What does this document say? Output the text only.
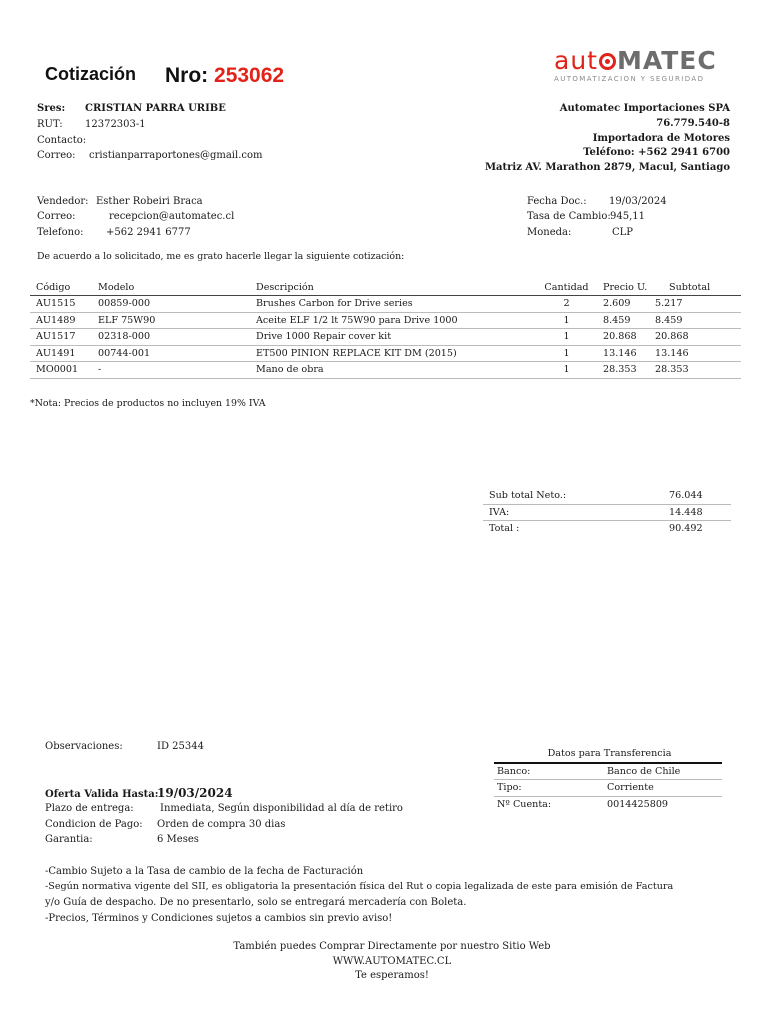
Cotización Nro: 253062
aut MATEC
AUTOMATIZACION Y SEGURIDAD
Sres: CRISTIAN PARRA URIBE
RUT: 12372303-1
Contacto:
Correo: cristianparraportones@gmail.com
Automatec Importaciones SPA
76.779.540-8
Importadora de Motores
Teléfono: +562 2941 6700
Matriz AV. Marathon 2879, Macul, Santiago
Vendedor: Esther Robeiri Braca
Correo:	recepcion@automatec.cl
Telefono: +562 2941 6777
Fecha Doc.: 19/03/2024
Tasa de Cambio: 945,11
Moneda:	CLP
De acuerdo a lo solicitado, me es grato hacerle llegar la siguiente cotización:
Código	Modelo	Descripción	Cantidad	Precio U.	Subtotal
AU1515	00859-000	Brushes Carbon for Drive series	2	2.609	5.217
AU1489	ELF 75W90	Aceite ELF 1/2 lt 75W90 para Drive 1000	1	8.459	8.459
AU1517	02318-000	Drive 1000 Repair cover kit	1	20.868	20.868
AU1491	00744-001	ET500 PINION REPLACE KIT DM (2015)	1	13.146	13.146
MO0001	-	Mano de obra	1	28.353	28.353
*Nota: Precios de productos no incluyen 19% IVA
Sub total Neto.:	76.044
IVA:	14.448
Total :	90.492
Observaciones:	ID 25344
Datos para Transferencia	
Banco:	Banco de Chile
Tipo:	Corriente
Nº Cuenta:	0014425809
Oferta Valida Hasta:
19/03/2024
Plazo de entrega:	Inmediata, Según disponibilidad al día de retiro
Condicion de Pago: Orden de compra 30 dias
Garantia:	6 Meses
-Cambio Sujeto a la Tasa de cambio de la fecha de Facturación
-Según normativa vigente del SII, es obligatoria la presentación física del Rut o copia legalizada de este para emisión de Factura
y/o Guía de despacho. De no presentarlo, solo se entregará mercadería con Boleta.
-Precios, Términos y Condiciones sujetos a cambios sin previo aviso!
También puedes Comprar Directamente por nuestro Sitio Web
WWW.AUTOMATEC.CL
Te esperamos!
